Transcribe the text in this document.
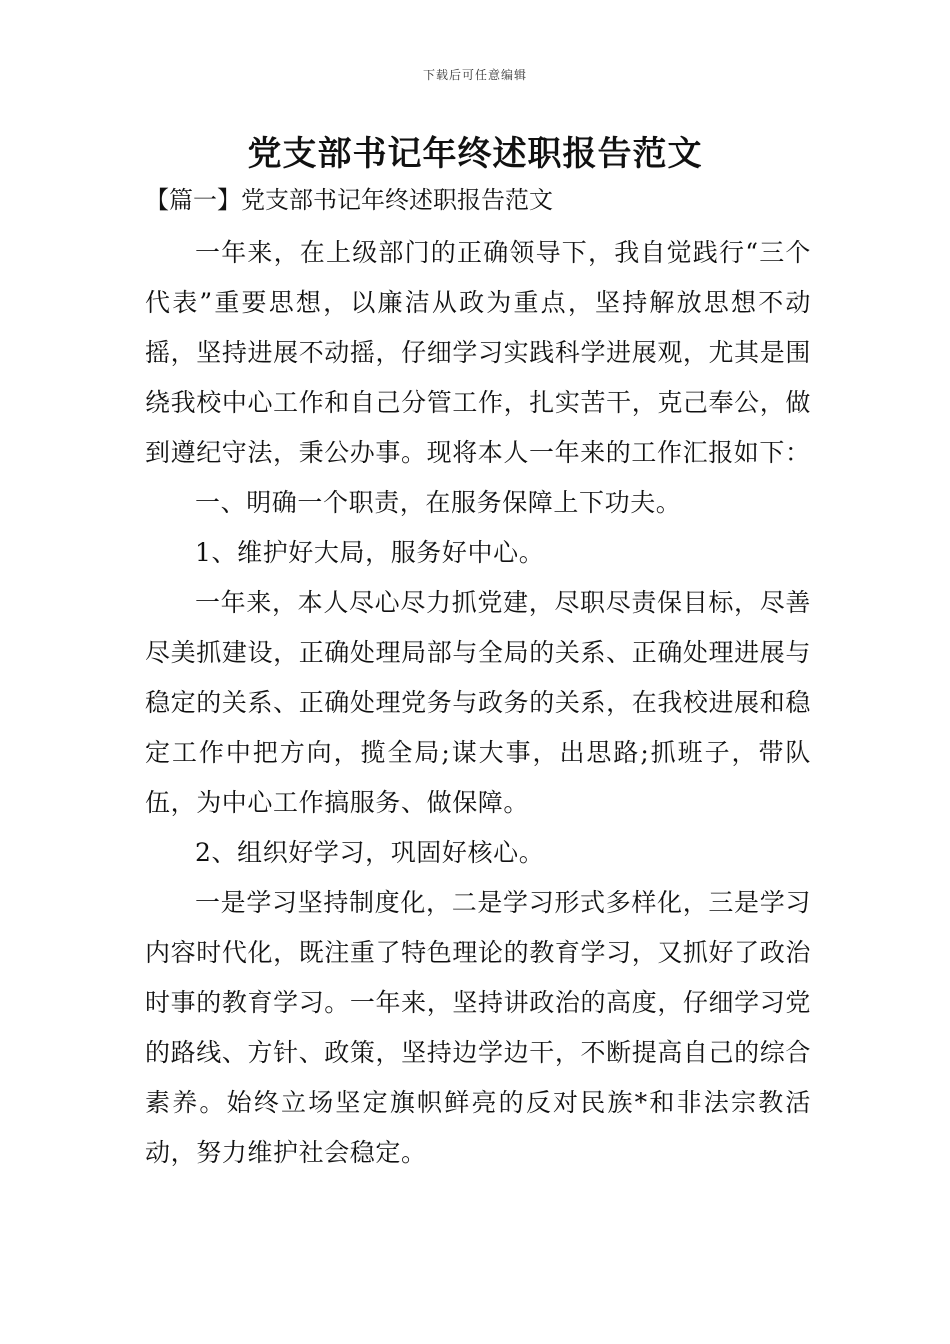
下载后可任意编辑
党支部书记年终述职报告范文
【篇一】党支部书记年终述职报告范文

一年来，在上级部门的正确领导下，我自觉践行“三个代表”重要思想，以廉洁从政为重点，坚持解放思想不动摇，坚持进展不动摇，仔细学习实践科学进展观，尤其是围绕我校中心工作和自己分管工作，扎实苦干，克己奉公，做到遵纪守法，秉公办事。现将本人一年来的工作汇报如下：

一、明确一个职责，在服务保障上下功夫。

1、维护好大局，服务好中心。

一年来，本人尽心尽力抓党建，尽职尽责保目标，尽善尽美抓建设，正确处理局部与全局的关系、正确处理进展与稳定的关系、正确处理党务与政务的关系，在我校进展和稳定工作中把方向，揽全局;谋大事，出思路;抓班子，带队伍，为中心工作搞服务、做保障。

2、组织好学习，巩固好核心。

一是学习坚持制度化，二是学习形式多样化，三是学习内容时代化，既注重了特色理论的教育学习，又抓好了政治时事的教育学习。一年来，坚持讲政治的高度，仔细学习党的路线、方针、政策，坚持边学边干，不断提高自己的综合素养。始终立场坚定旗帜鲜亮的反对民族*和非法宗教活动，努力维护社会稳定。
